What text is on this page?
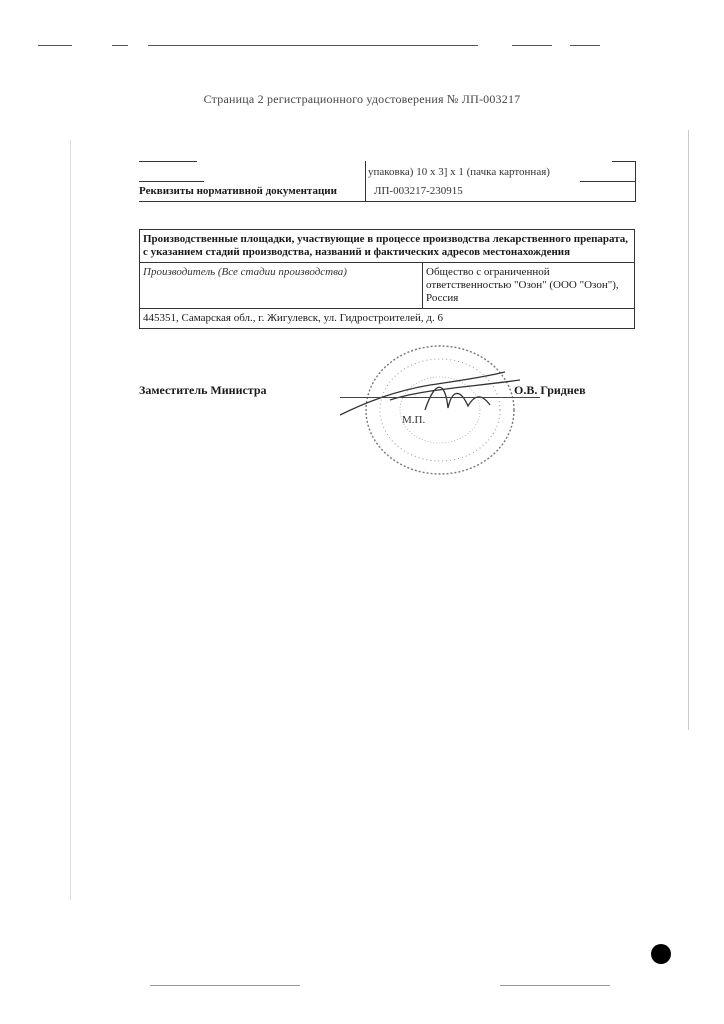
Страница 2 регистрационного удостоверения № ЛП-003217
упаковка) 10 х 3] х 1 (пачка картонная)
Реквизиты нормативной документации	ЛП-003217-230915
Производственные площадки, участвующие в процессе производства лекарственного препарата, с указанием стадий производства, названий и фактических адресов местонахождения
Производитель (Все стадии производства)	Общество с ограниченной ответственностью "Озон" (ООО "Озон"), Россия
445351, Самарская обл., г. Жигулевск, ул. Гидростроителей, д. 6
Заместитель Министра	О.В. Гриднев
М.П.
